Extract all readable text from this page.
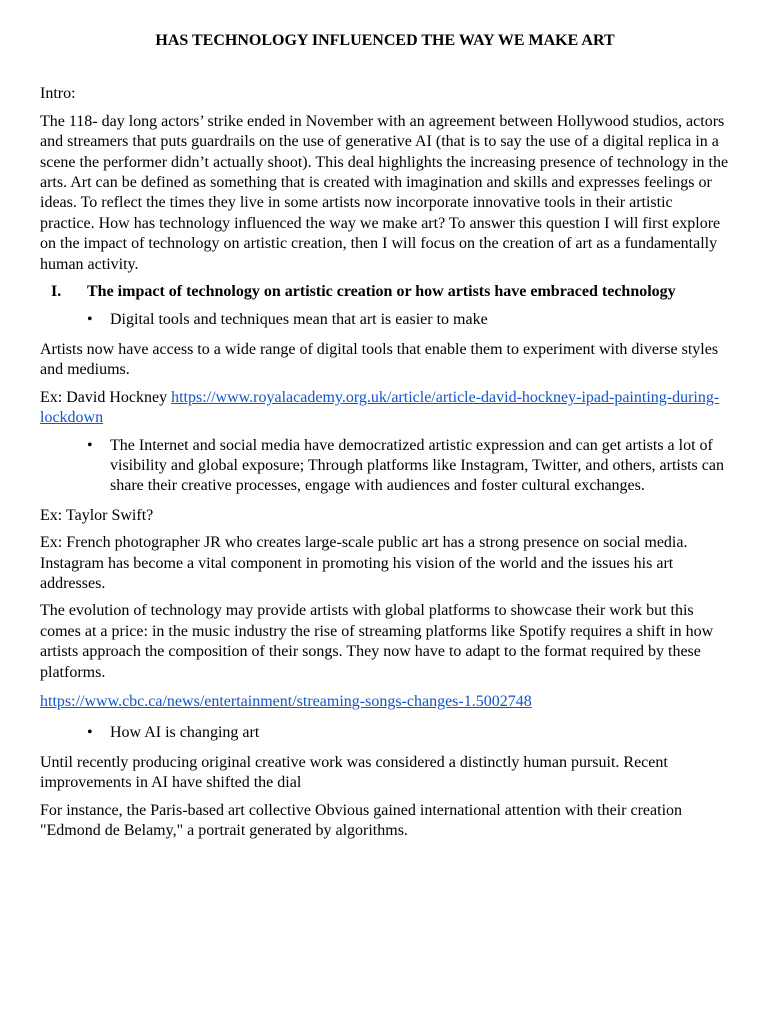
HAS TECHNOLOGY INFLUENCED THE WAY WE MAKE ART

Intro:

The 118- day long actors’ strike ended in November with an agreement between Hollywood studios, actors and streamers that puts guardrails on the use of generative AI (that is to say the use of a digital replica in a scene the performer didn’t actually shoot). This deal highlights the increasing presence of technology in the arts. Art can be defined as something that is created with imagination and skills and expresses feelings or ideas. To reflect the times they live in some artists now incorporate innovative tools in their artistic practice. How has technology influenced the way we make art? To answer this question I will first explore on the impact of technology on artistic creation, then I will focus on the creation of art as a fundamentally human activity.

I.	The impact of technology on artistic creation or how artists have embraced technology
•	Digital tools and techniques mean that art is easier to make

Artists now have access to a wide range of digital tools that enable them to experiment with diverse styles and mediums.

Ex: David Hockney https://www.royalacademy.org.uk/article/article-david-hockney-ipad-painting-during-lockdown

•	The Internet and social media have democratized artistic expression and can get artists a lot of visibility and global exposure; Through platforms like Instagram, Twitter, and others, artists can share their creative processes, engage with audiences and foster cultural exchanges.

Ex: Taylor Swift?

Ex: French photographer JR who creates large-scale public art has a strong presence on social media. Instagram has become a vital component in promoting his vision of the world and the issues his art addresses.

The evolution of technology may provide artists with global platforms to showcase their work but this comes at a price: in the music industry the rise of streaming platforms like Spotify requires a shift in how artists approach the composition of their songs. They now have to adapt to the format required by these platforms.

https://www.cbc.ca/news/entertainment/streaming-songs-changes-1.5002748

•	How AI is changing art

Until recently producing original creative work was considered a distinctly human pursuit. Recent improvements in AI have shifted the dial

For instance, the Paris-based art collective Obvious gained international attention with their creation "Edmond de Belamy," a portrait generated by algorithms.
